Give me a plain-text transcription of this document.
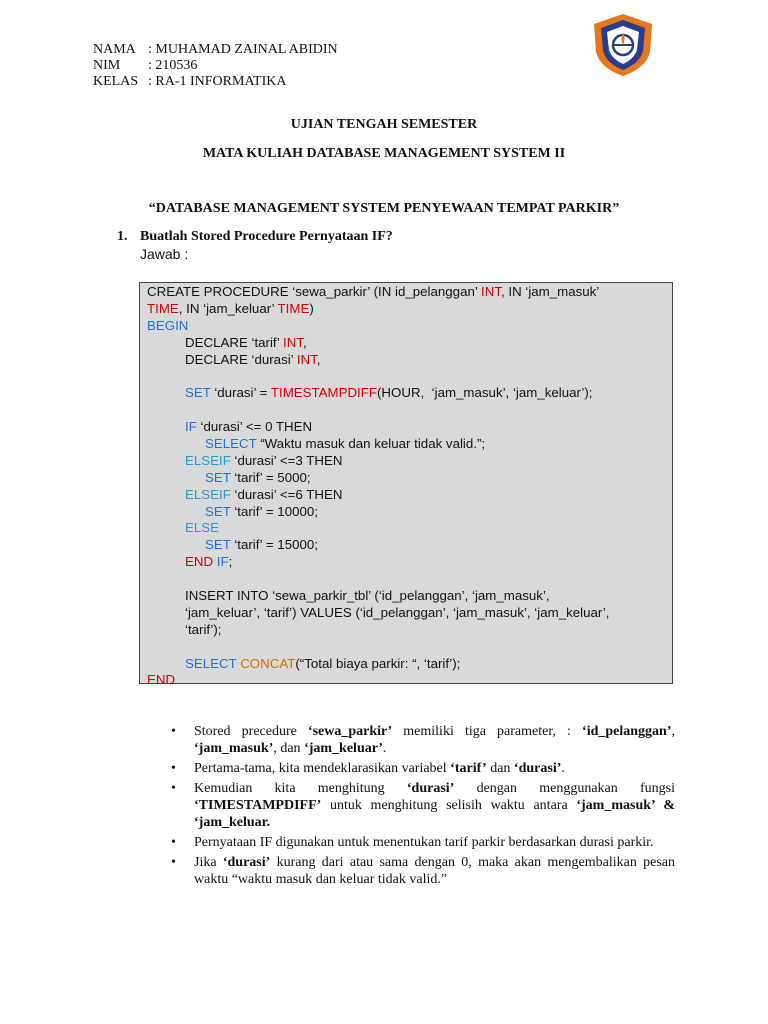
NAMA : MUHAMAD ZAINAL ABIDIN
NIM	: 210536
KELAS : RA-1 INFORMATIKA
UJIAN TENGAH SEMESTER
MATA KULIAH DATABASE MANAGEMENT SYSTEM II
“DATABASE MANAGEMENT SYSTEM PENYEWAAN TEMPAT PARKIR”
1. Buatlah Stored Procedure Pernyataan IF?
Jawab :
CREATE PROCEDURE ‘sewa_parkir’ (IN id_pelanggan’ INT, IN ‘jam_masuk’
TIME, IN ‘jam_keluar’ TIME)
BEGIN
DECLARE ‘tarif’ INT,
DECLARE ‘durasi’ INT,
SET ‘durasi’ = TIMESTAMPDIFF(HOUR,  ‘jam_masuk’, ‘jam_keluar’);
IF ‘durasi’ <= 0 THEN
SELECT “Waktu masuk dan keluar tidak valid.”;
ELSEIF ‘durasi’ <=3 THEN
SET ‘tarif’ = 5000;
ELSEIF ‘durasi’ <=6 THEN
SET ‘tarif’ = 10000;
ELSE
SET ‘tarif’ = 15000;
END IF;
INSERT INTO ‘sewa_parkir_tbl’ (‘id_pelanggan’, ‘jam_masuk’,
‘jam_keluar’, ‘tarif’) VALUES (‘id_pelanggan’, ‘jam_masuk’, ‘jam_keluar’,
‘tarif’);
SELECT CONCAT(“Total biaya parkir: “, ‘tarif’);
END
• Stored precedure ‘sewa_parkir’ memiliki tiga parameter, : ‘id_pelanggan’, ‘jam_masuk’, dan ‘jam_keluar’.
• Pertama-tama, kita mendeklarasikan variabel ‘tarif’ dan ‘durasi’.
• Kemudian kita menghitung ‘durasi’ dengan menggunakan fungsi ‘TIMESTAMPDIFF’ untuk menghitung selisih waktu antara ‘jam_masuk’ & ‘jam_keluar.
• Pernyataan IF digunakan untuk menentukan tarif parkir berdasarkan durasi parkir.
• Jika ‘durasi’ kurang dari atau sama dengan 0, maka akan mengembalikan pesan waktu “waktu masuk dan keluar tidak valid.”
